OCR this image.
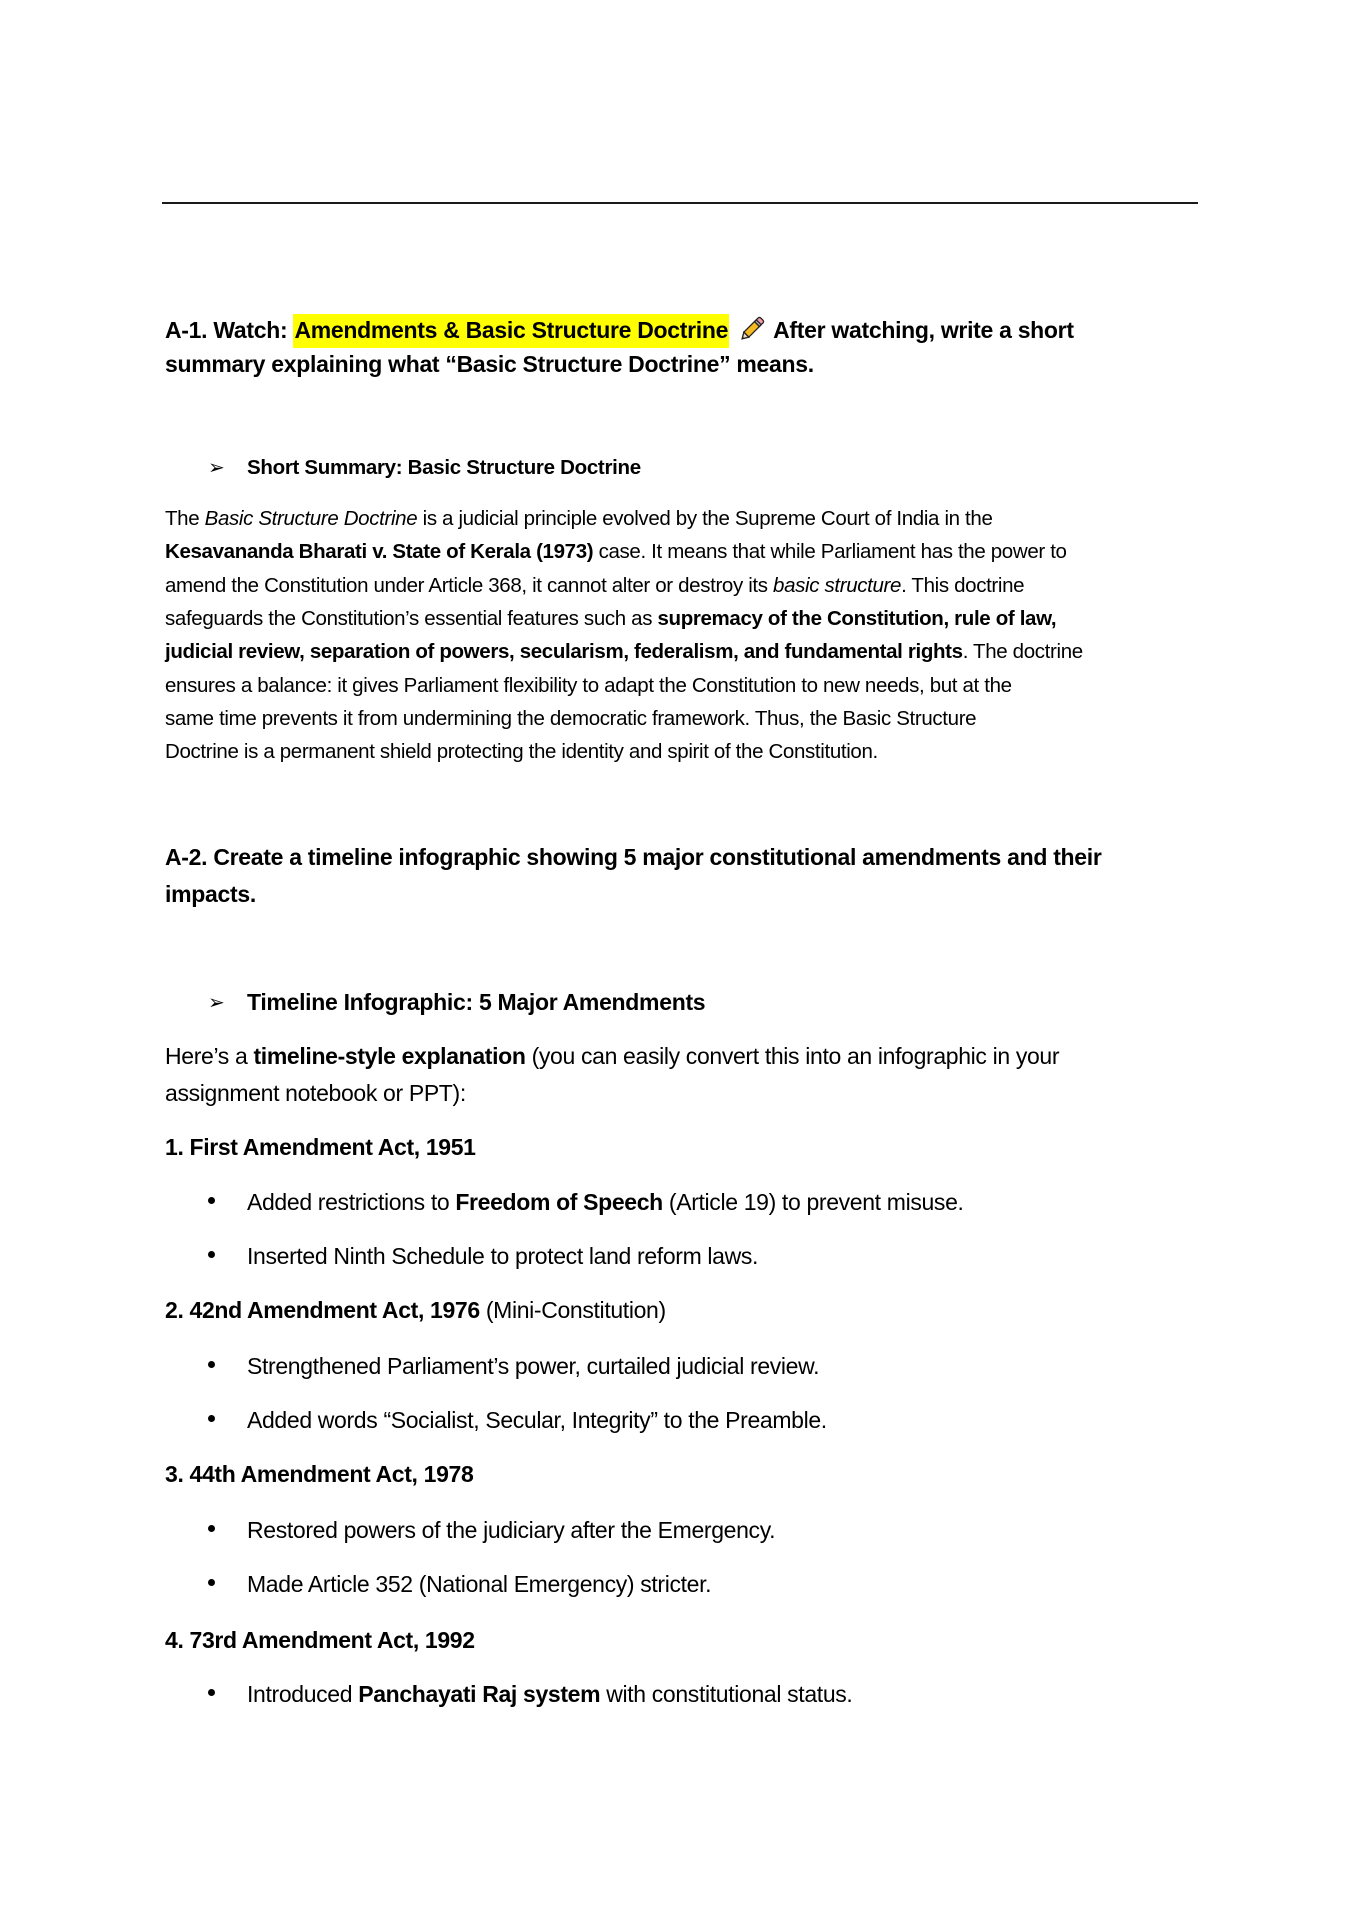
A-1. Watch: Amendments & Basic Structure Doctrine After watching, write a short
summary explaining what “Basic Structure Doctrine” means.
➢ Short Summary: Basic Structure Doctrine
The Basic Structure Doctrine is a judicial principle evolved by the Supreme Court of India in the
Kesavananda Bharati v. State of Kerala (1973) case. It means that while Parliament has the power to
amend the Constitution under Article 368, it cannot alter or destroy its basic structure. This doctrine
safeguards the Constitution’s essential features such as supremacy of the Constitution, rule of law,
judicial review, separation of powers, secularism, federalism, and fundamental rights. The doctrine
ensures a balance: it gives Parliament flexibility to adapt the Constitution to new needs, but at the
same time prevents it from undermining the democratic framework. Thus, the Basic Structure
Doctrine is a permanent shield protecting the identity and spirit of the Constitution.
A-2. Create a timeline infographic showing 5 major constitutional amendments and their
impacts.
➢ Timeline Infographic: 5 Major Amendments
Here’s a timeline-style explanation (you can easily convert this into an infographic in your
assignment notebook or PPT):
1. First Amendment Act, 1951
Added restrictions to Freedom of Speech (Article 19) to prevent misuse.
Inserted Ninth Schedule to protect land reform laws.
2. 42nd Amendment Act, 1976 (Mini-Constitution)
Strengthened Parliament’s power, curtailed judicial review.
Added words “Socialist, Secular, Integrity” to the Preamble.
3. 44th Amendment Act, 1978
Restored powers of the judiciary after the Emergency.
Made Article 352 (National Emergency) stricter.
4. 73rd Amendment Act, 1992
Introduced Panchayati Raj system with constitutional status.
